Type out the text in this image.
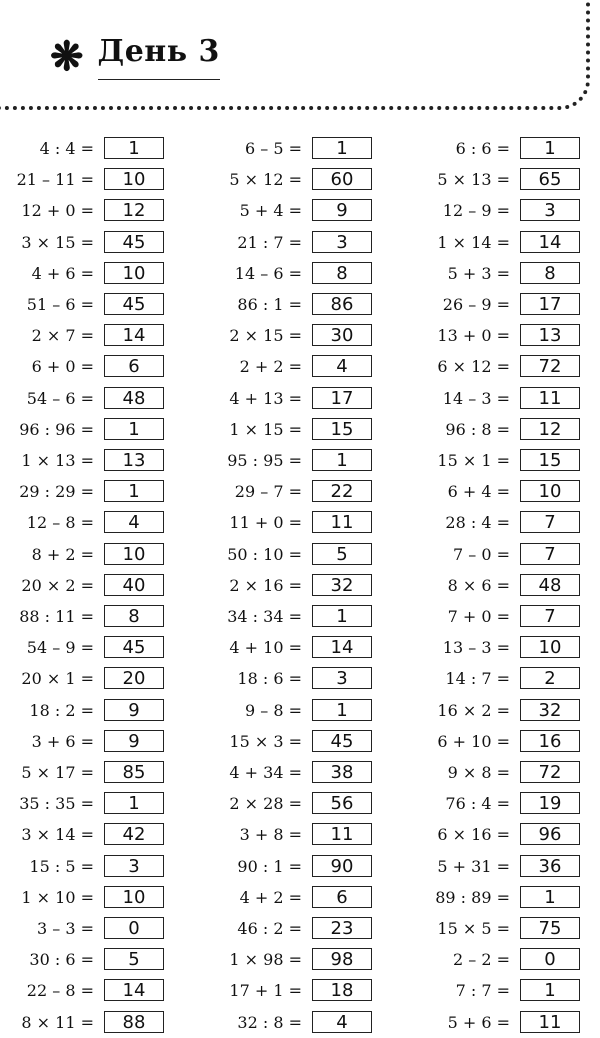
❋ День 3
4 : 4 =	1
21 – 11 =	10
12 + 0 =	12
3 × 15 =	45
4 + 6 =	10
51 – 6 =	45
2 × 7 =	14
6 + 0 =	6
54 – 6 =	48
96 : 96 =	1
1 × 13 =	13
29 : 29 =	1
12 – 8 =	4
8 + 2 =	10
20 × 2 =	40
88 : 11 =	8
54 – 9 =	45
20 × 1 =	20
18 : 2 =	9
3 + 6 =	9
5 × 17 =	85
35 : 35 =	1
3 × 14 =	42
15 : 5 =	3
1 × 10 =	10
3 – 3 =	0
30 : 6 =	5
22 – 8 =	14
8 × 11 =	88
6 – 5 =	1
5 × 12 =	60
5 + 4 =	9
21 : 7 =	3
14 – 6 =	8
86 : 1 =	86
2 × 15 =	30
2 + 2 =	4
4 + 13 =	17
1 × 15 =	15
95 : 95 =	1
29 – 7 =	22
11 + 0 =	11
50 : 10 =	5
2 × 16 =	32
34 : 34 =	1
4 + 10 =	14
18 : 6 =	3
9 – 8 =	1
15 × 3 =	45
4 + 34 =	38
2 × 28 =	56
3 + 8 =	11
90 : 1 =	90
4 + 2 =	6
46 : 2 =	23
1 × 98 =	98
17 + 1 =	18
32 : 8 =	4
6 : 6 =	1
5 × 13 =	65
12 – 9 =	3
1 × 14 =	14
5 + 3 =	8
26 – 9 =	17
13 + 0 =	13
6 × 12 =	72
14 – 3 =	11
96 : 8 =	12
15 × 1 =	15
6 + 4 =	10
28 : 4 =	7
7 – 0 =	7
8 × 6 =	48
7 + 0 =	7
13 – 3 =	10
14 : 7 =	2
16 × 2 =	32
6 + 10 =	16
9 × 8 =	72
76 : 4 =	19
6 × 16 =	96
5 + 31 =	36
89 : 89 =	1
15 × 5 =	75
2 – 2 =	0
7 : 7 =	1
5 + 6 =	11
